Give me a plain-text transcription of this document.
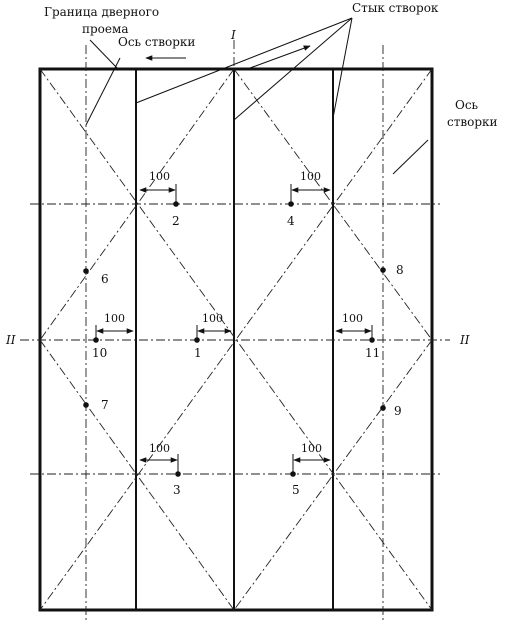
Граница дверного
проема
Ось створки
Стык створок
Ось
створки
I
II	II
100	100
100	100	100
100	100
1
2
3
4
5
6
7
8
9
10	11
